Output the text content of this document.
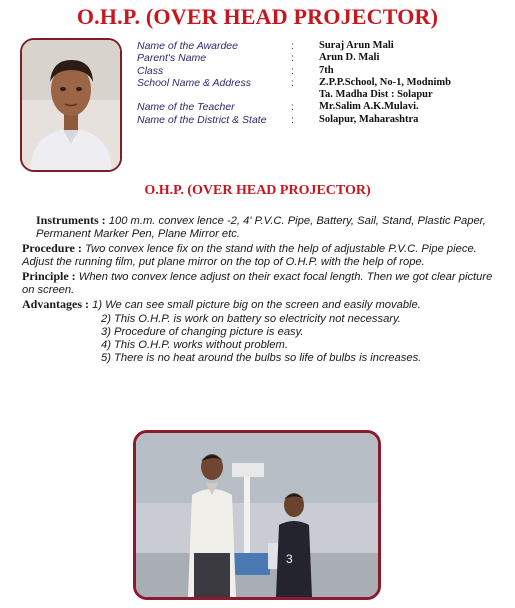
O.H.P. (OVER HEAD PROJECTOR)
Name of the Awardee	: Suraj Arun Mali
Parent's Name	: Arun D. Mali
Class	: 7th
School Name & Address	: Z.P.P.School, No-1, Modnimb
Ta. Madha Dist : Solapur
Name of the Teacher	: Mr.Salim A.K.Mulavi.
Name of the District & State : Solapur, Maharashtra
O.H.P. (OVER HEAD PROJECTOR)

Instruments : 100 m.m. convex lence -2, 4' P.V.C. Pipe, Battery, Sail, Stand, Plastic Paper, Permanent Marker Pen, Plane Mirror etc.

Procedure : Two convex lence fix on the stand with the help of adjustable P.V.C. Pipe piece. Adjust the running film, put plane mirror on the top of O.H.P. with the help of rope.

Principle : When two convex lence adjust on their exact focal length. Then we got clear picture on screen.

Advantages : 1) We can see small picture big on the screen and easily movable.

2) This O.H.P. is work on battery so electricity not necessary.
3) Procedure of changing picture is easy.
4) This O.H.P. works without problem.
5) There is no heat around the bulbs so life of bulbs is increases.
3
